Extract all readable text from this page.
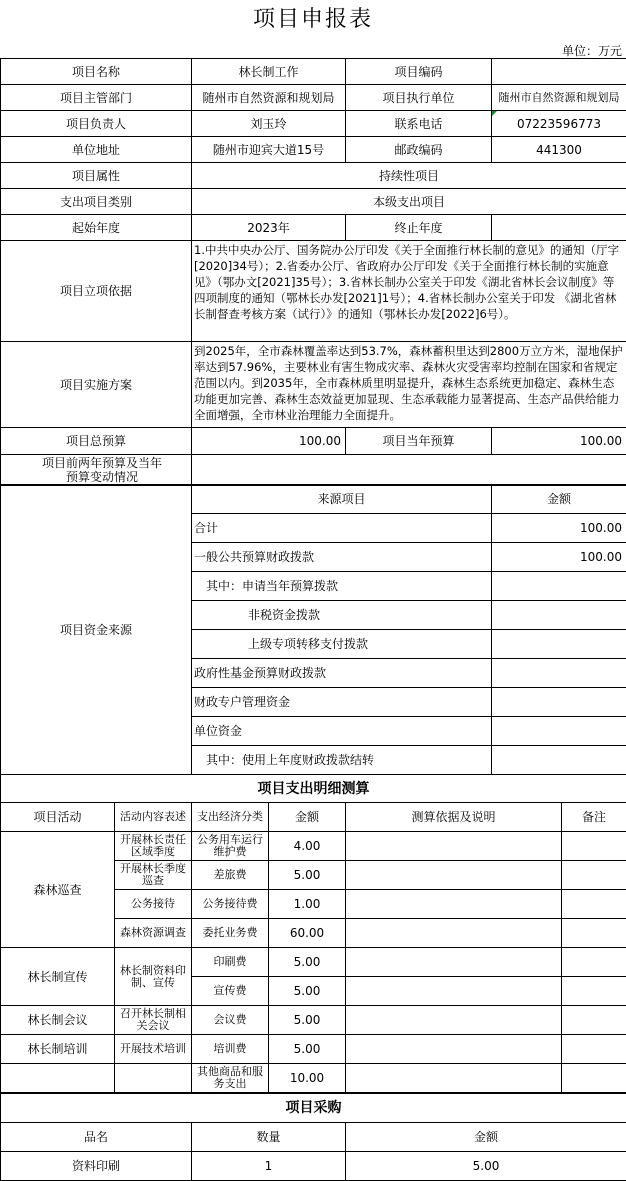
项目申报表
单位：万元
项目名称	林长制工作	项目编码	
项目主管部门	随州市自然资源和规划局	项目执行单位	随州市自然资源和规划局
项目负责人	刘玉玲	联系电话	07223596773
单位地址	随州市迎宾大道15号	邮政编码	441300
项目属性	持续性项目		
支出项目类别	本级支出项目		
起始年度	2023年	终止年度	
项目立项依据	1.中共中央办公厅、国务院办公厅印发《关于全面推行林长制的意见》的通知（厅字[2020]34号）；2.省委办公厅、省政府办公厅印发《关于全面推行林长制的实施意见》（鄂办文[2021]35号）；3.省林长制办公室关于印发《湖北省林长会议制度》等四项制度的通知（鄂林长办发[2021]1号）；4.省林长制办公室关于印发 《湖北省林长制督查考核方案（试行）》的通知（鄂林长办发[2022]6号）。		
项目实施方案	到2025年，全市森林覆盖率达到53.7%，森林蓄积里达到2800万立方米，湿地保护率达到57.96%，主要林业有害生物成灾率、森林火灾受害率均控制在国家和省规定范围以内。到2035年，全市森林质里明显提升，森林生态系统更加稳定、森林生态功能更加完善、森林生态效益更加显现、生态承载能力显著提高、生态产品供给能力全面增强，全市林业治理能力全面提升。		
项目总预算	100.00	项目当年预算	100.00
项目前两年预算及当年预算变动情况			
项目资金来源	来源项目	金额
	合计	100.00
	一般公共预算财政拨款	100.00
	其中：申请当年预算拨款	
	非税资金拨款	
	上级专项转移支付拨款	
	政府性基金预算财政拨款	
	财政专户管理资金	
	单位资金	
	其中：使用上年度财政拨款结转	
项目支出明细测算					
项目活动	活动内容表述	支出经济分类	金额	测算依据及说明	备注
森林巡查	开展林长责任区域季度	公务用车运行维护费	4.00		
	开展林长季度巡查	差旅费	5.00		
	公务接待	公务接待费	1.00		
	森林资源调查	委托业务费	60.00		
林长制宣传	林长制资料印制、宣传	印刷费	5.00		
		宣传费	5.00		
林长制会议	召开林长制相关会议	会议费	5.00		
林长制培训	开展技术培训	培训费	5.00		
		其他商品和服务支出	10.00		
项目采购		
品名	数量	金额
资料印刷	1	5.00
